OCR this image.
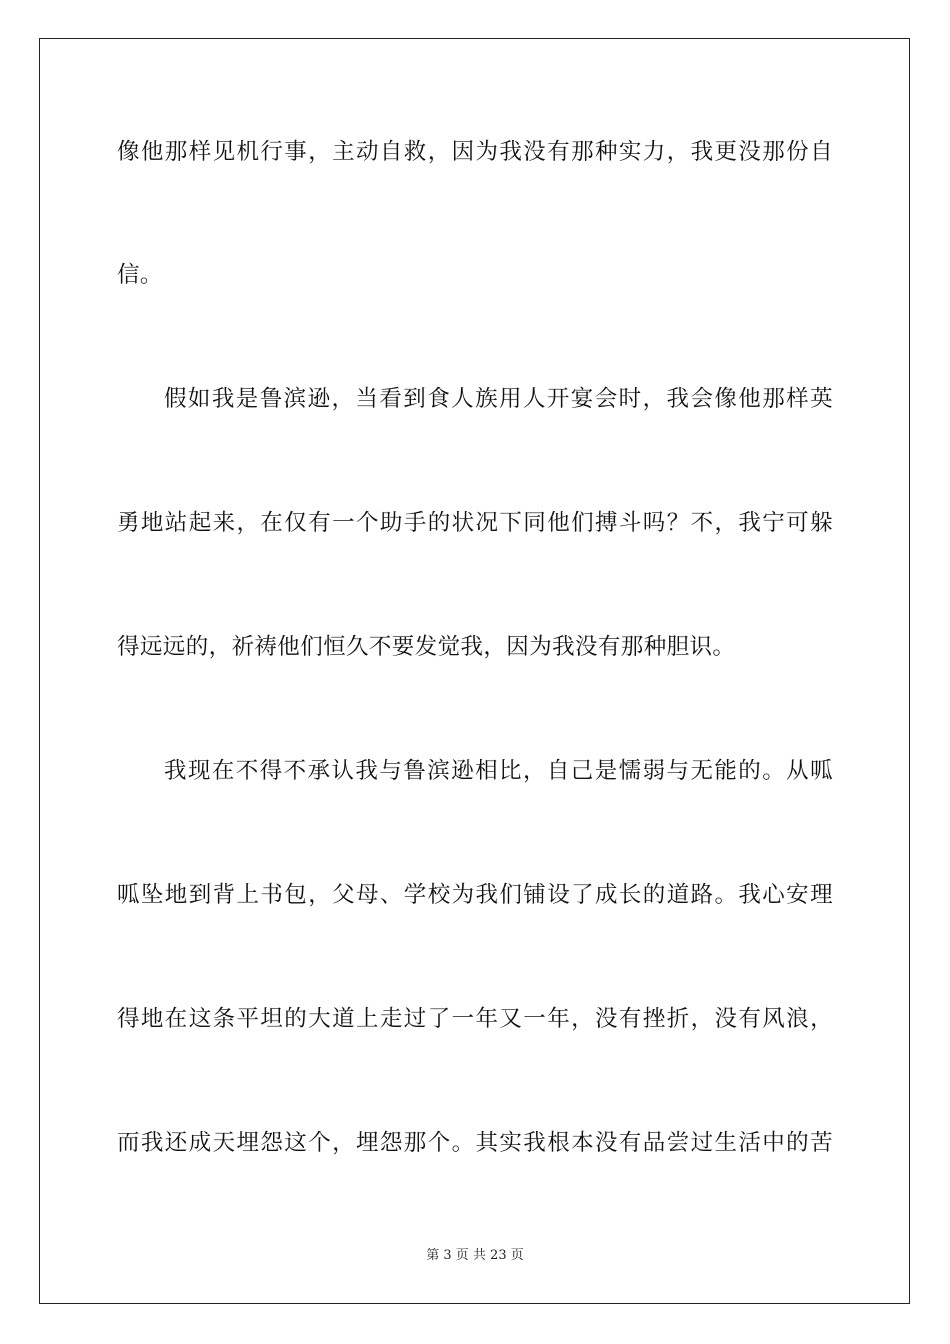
像他那样见机行事，主动自救，因为我没有那种实力，我更没那份自
信。
假如我是鲁滨逊，当看到食人族用人开宴会时，我会像他那样英
勇地站起来，在仅有一个助手的状况下同他们搏斗吗？不，我宁可躲
得远远的，祈祷他们恒久不要发觉我，因为我没有那种胆识。
我现在不得不承认我与鲁滨逊相比，自己是懦弱与无能的。从呱
呱坠地到背上书包，父母、学校为我们铺设了成长的道路。我心安理
得地在这条平坦的大道上走过了一年又一年，没有挫折，没有风浪，
而我还成天埋怨这个，埋怨那个。其实我根本没有品尝过生活中的苦
第 3 页 共 23 页
